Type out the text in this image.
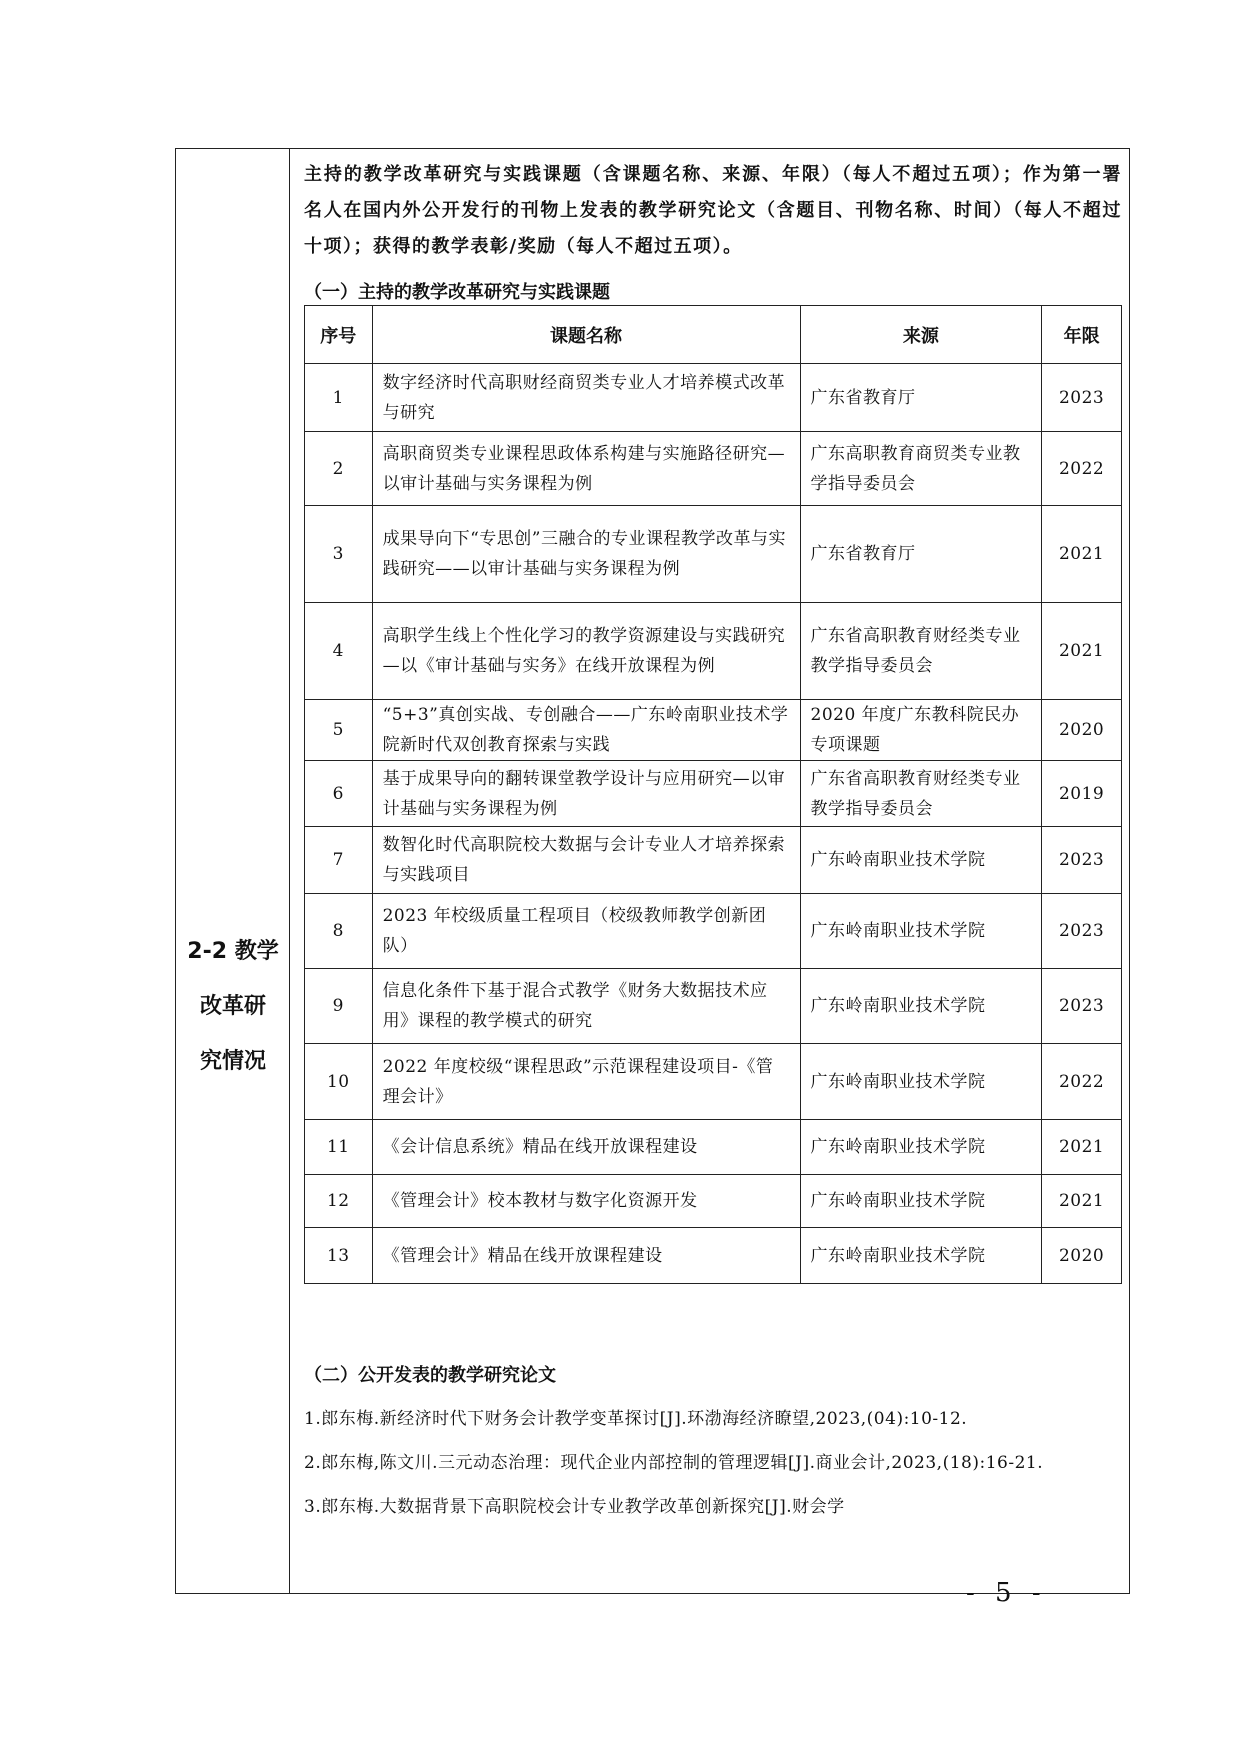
2-2 教学
改革研
究情况

主持的教学改革研究与实践课题（含课题名称、来源、年限）（每人不超过五项）；作为第一署名人在国内外公开发行的刊物上发表的教学研究论文（含题目、刊物名称、时间）（每人不超过十项）；获得的教学表彰/奖励（每人不超过五项）。

（一）主持的教学改革研究与实践课题
序号	课题名称	来源	年限
1	数字经济时代高职财经商贸类专业人才培养模式改革与研究	广东省教育厅	2023
2	高职商贸类专业课程思政体系构建与实施路径研究—以审计基础与实务课程为例	广东高职教育商贸类专业教学指导委员会	2022
3	成果导向下“专思创”三融合的专业课程教学改革与实践研究——以审计基础与实务课程为例	广东省教育厅	2021
4	高职学生线上个性化学习的教学资源建设与实践研究—以《审计基础与实务》在线开放课程为例	广东省高职教育财经类专业教学指导委员会	2021
5	“5+3”真创实战、专创融合——广东岭南职业技术学院新时代双创教育探索与实践	2020 年度广东教科院民办专项课题	2020
6	基于成果导向的翻转课堂教学设计与应用研究—以审计基础与实务课程为例	广东省高职教育财经类专业教学指导委员会	2019
7	数智化时代高职院校大数据与会计专业人才培养探索与实践项目	广东岭南职业技术学院	2023
8	2023 年校级质量工程项目（校级教师教学创新团队）	广东岭南职业技术学院	2023
9	信息化条件下基于混合式教学《财务大数据技术应用》课程的教学模式的研究	广东岭南职业技术学院	2023
10	2022 年度校级“课程思政”示范课程建设项目-《管理会计》	广东岭南职业技术学院	2022
11	《会计信息系统》精品在线开放课程建设	广东岭南职业技术学院	2021
12	《管理会计》校本教材与数字化资源开发	广东岭南职业技术学院	2021
13	《管理会计》精品在线开放课程建设	广东岭南职业技术学院	2020
（二）公开发表的教学研究论文

1.郎东梅.新经济时代下财务会计教学变革探讨[J].环渤海经济瞭望,2023,(04):10-12.

2.郎东梅,陈文川.三元动态治理：现代企业内部控制的管理逻辑[J].商业会计,2023,(18):16-21.

3.郎东梅.大数据背景下高职院校会计专业教学改革创新探究[J].财会学

- 5 -
